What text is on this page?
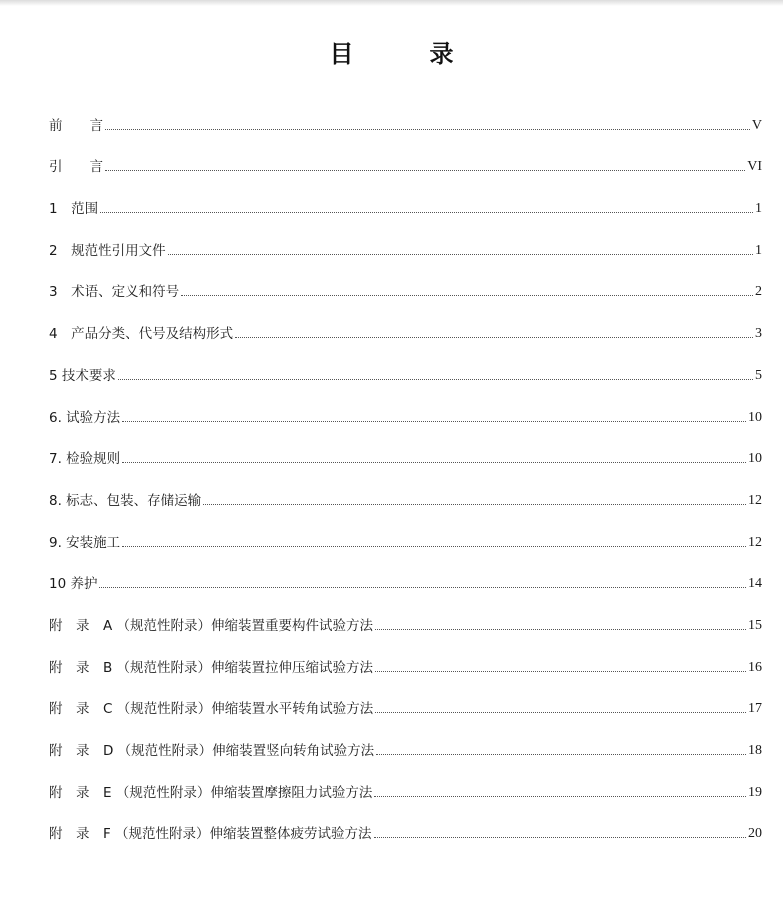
目　录
前　　言	V
引　　言	VI
1　范围	1
2　规范性引用文件	1
3　术语、定义和符号	2
4　产品分类、代号及结构形式	3
5 技术要求	5
6. 试验方法	10
7. 检验规则	10
8. 标志、包装、存储运输	12
9. 安装施工	12
10 养护	14
附　录　A （规范性附录）伸缩装置重要构件试验方法	15
附　录　B （规范性附录）伸缩装置拉伸压缩试验方法	16
附　录　C （规范性附录）伸缩装置水平转角试验方法	17
附　录　D （规范性附录）伸缩装置竖向转角试验方法	18
附　录　E （规范性附录）伸缩装置摩擦阻力试验方法	19
附　录　F （规范性附录）伸缩装置整体疲劳试验方法	20
